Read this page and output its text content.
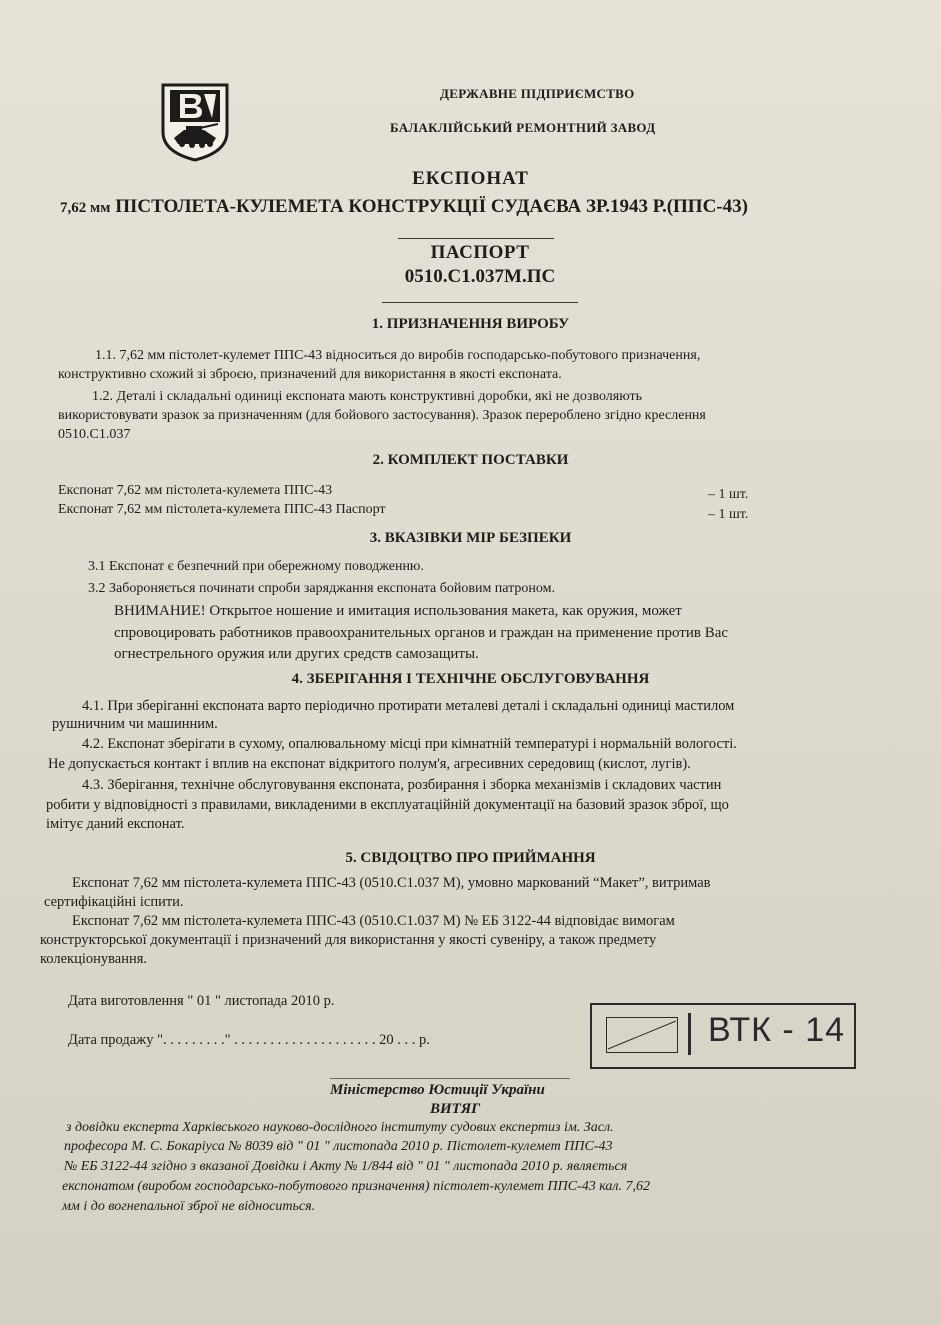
ДЕРЖАВНЕ ПІДПРИЄМСТВО
БАЛАКЛІЙСЬКИЙ РЕМОНТНИЙ ЗАВОД
ЕКСПОНАТ
7,62 мм ПІСТОЛЕТА-КУЛЕМЕТА КОНСТРУКЦІЇ СУДАЄВА ЗР.1943 Р.(ППС-43)
ПАСПОРТ
0510.С1.037М.ПС
1. ПРИЗНАЧЕННЯ ВИРОБУ
1.1. 7,62 мм пістолет-кулемет ППС-43 відноситься до виробів господарсько-побутового призначення,
конструктивно схожий зі зброєю, призначений для використання в якості експоната.
1.2. Деталі і складальні одиниці експоната мають конструктивні доробки, які не дозволяють
використовувати зразок за призначенням (для бойового застосування). Зразок перероблено згідно креслення
0510.С1.037
2. КОМПЛЕКТ ПОСТАВКИ
Експонат 7,62 мм пістолета-кулемета ППС-43	– 1 шт.
Експонат 7,62 мм пістолета-кулемета ППС-43 Паспорт	– 1 шт.
3. ВКАЗІВКИ МІР БЕЗПЕКИ
3.1 Експонат є безпечний при обережному поводженню.
3.2 Забороняється починати спроби заряджання експоната бойовим патроном.
ВНИМАНИЕ! Открытое ношение и имитация использования макета, как оружия, может
спровоцировать работников правоохранительных органов и граждан на применение против Вас
огнестрельного оружия или других средств самозащиты.
4. ЗБЕРІГАННЯ І ТЕХНІЧНЕ ОБСЛУГОВУВАННЯ
4.1. При зберіганні експоната варто періодично протирати металеві деталі і складальні одиниці мастилом
рушничним чи машинним.
4.2. Експонат зберігати в сухому, опалювальному місці при кімнатній температурі і нормальній вологості.
Не допускається контакт і вплив на експонат відкритого полум'я, агресивних середовищ (кислот, лугів).
4.3. Зберігання, технічне обслуговування експоната, розбирання і зборка механізмів і складових частин
робити у відповідності з правилами, викладеними в експлуатаційній документації на базовий зразок зброї, що
імітує даний експонат.
5. СВІДОЦТВО ПРО ПРИЙМАННЯ
Експонат 7,62 мм пістолета-кулемета ППС-43 (0510.С1.037 М), умовно маркований “Макет”, витримав
сертифікаційні іспити.
Експонат 7,62 мм пістолета-кулемета ППС-43 (0510.С1.037 М) № ЕБ 3122-44 відповідає вимогам
конструкторської документації і призначений для використання у якості сувеніру, а також предмету
колекціонування.
Дата виготовлення " 01 " листопада 2010 р.
Дата продажу ". . . . . . . . ." . . . . . . . . . . . . . . . . . . . . 20 . . . р.	ВТК - 14
Міністерство Юстиції України
ВИТЯГ
з довідки експерта Харківського науково-дослідного інституту судових експертиз ім. Засл.
професора М. С. Бокаріуса № 8039 від " 01 " листопада 2010 р. Пістолет-кулемет ППС-43
№ ЕБ 3122-44 згідно з вказаної Довідки і Акту № 1/844 від " 01 " листопада 2010 р. являється
експонатом (виробом господарсько-побутового призначення) пістолет-кулемет ППС-43 кал. 7,62
мм і до вогнепальної зброї не відноситься.
